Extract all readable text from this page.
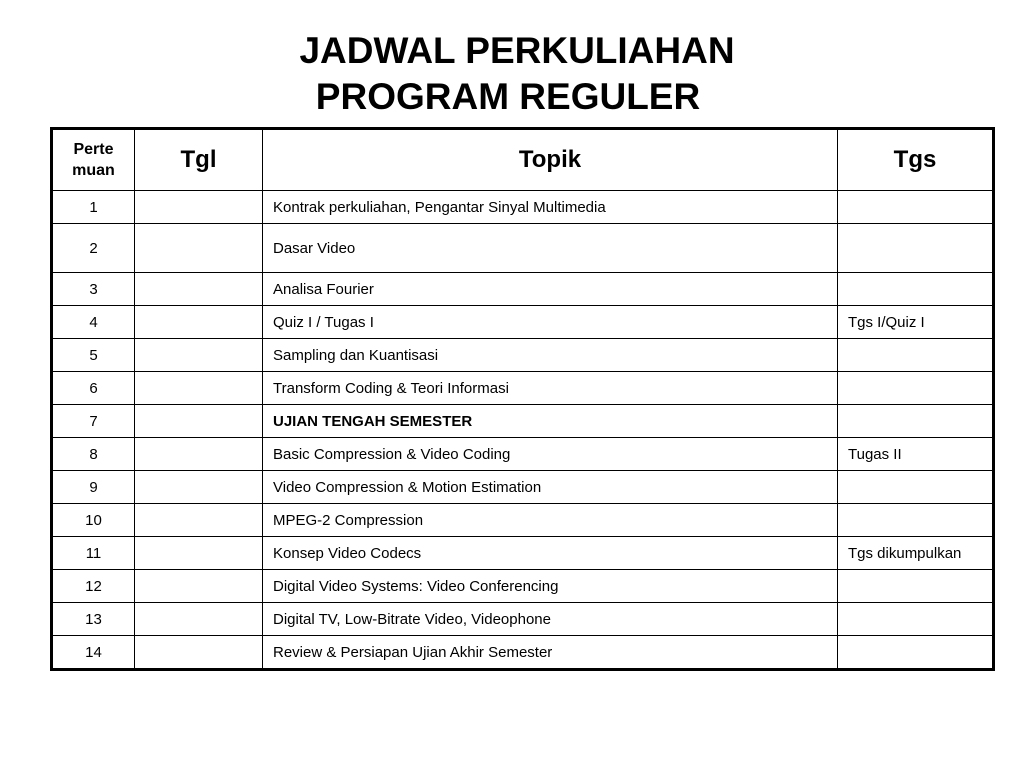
JADWAL PERKULIAHAN
PROGRAM REGULER
Perte
muan	Tgl	Topik	Tgs
1		Kontrak perkuliahan, Pengantar Sinyal Multimedia	
2		Dasar Video	
3		Analisa Fourier	
4		Quiz I / Tugas I	Tgs I/Quiz I
5		Sampling dan Kuantisasi	
6		Transform Coding & Teori Informasi	
7		UJIAN TENGAH SEMESTER	
8		Basic Compression & Video Coding	Tugas II
9		Video Compression & Motion Estimation	
10		MPEG-2 Compression	
11		Konsep Video Codecs	Tgs dikumpulkan
12		Digital Video Systems: Video Conferencing	
13		Digital TV, Low-Bitrate Video, Videophone	
14		Review & Persiapan Ujian Akhir Semester	
